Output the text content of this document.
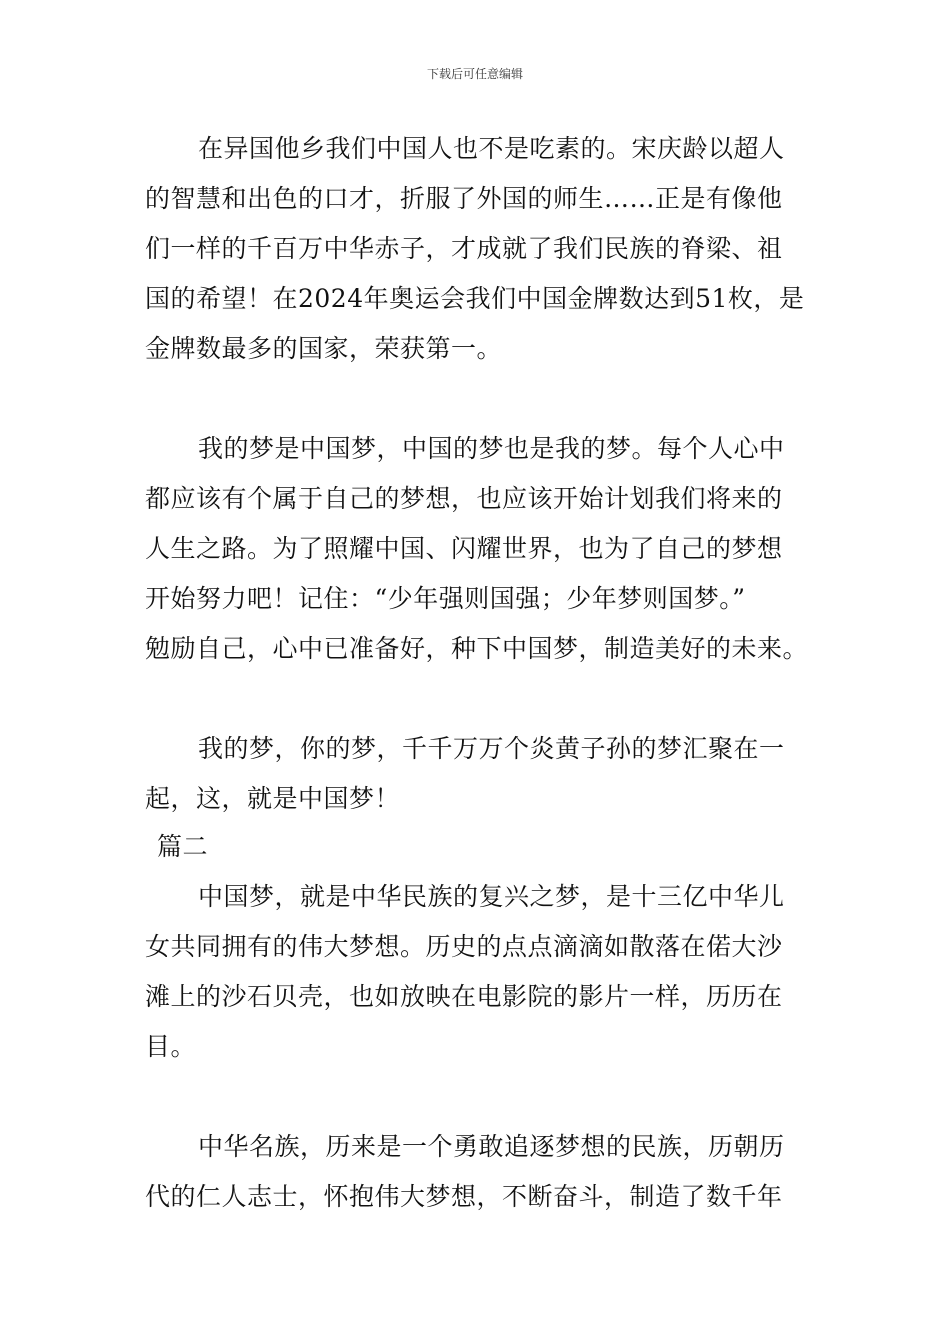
下载后可任意编辑
在异国他乡我们中国人也不是吃素的。宋庆龄以超人
的智慧和出色的口才，折服了外国的师生……正是有像他
们一样的千百万中华赤子，才成就了我们民族的脊梁、祖
国的希望！在2024年奥运会我们中国金牌数达到51枚，是
金牌数最多的国家，荣获第一。
我的梦是中国梦，中国的梦也是我的梦。每个人心中
都应该有个属于自己的梦想，也应该开始计划我们将来的
人生之路。为了照耀中国、闪耀世界，也为了自己的梦想
开始努力吧！记住：“少年强则国强；少年梦则国梦。”
勉励自己，心中已准备好，种下中国梦，制造美好的未来。
我的梦，你的梦，千千万万个炎黄子孙的梦汇聚在一
起，这，就是中国梦！
篇二
中国梦，就是中华民族的复兴之梦，是十三亿中华儿
女共同拥有的伟大梦想。历史的点点滴滴如散落在偌大沙
滩上的沙石贝壳，也如放映在电影院的影片一样，历历在
目。
中华名族，历来是一个勇敢追逐梦想的民族，历朝历
代的仁人志士，怀抱伟大梦想，不断奋斗，制造了数千年
